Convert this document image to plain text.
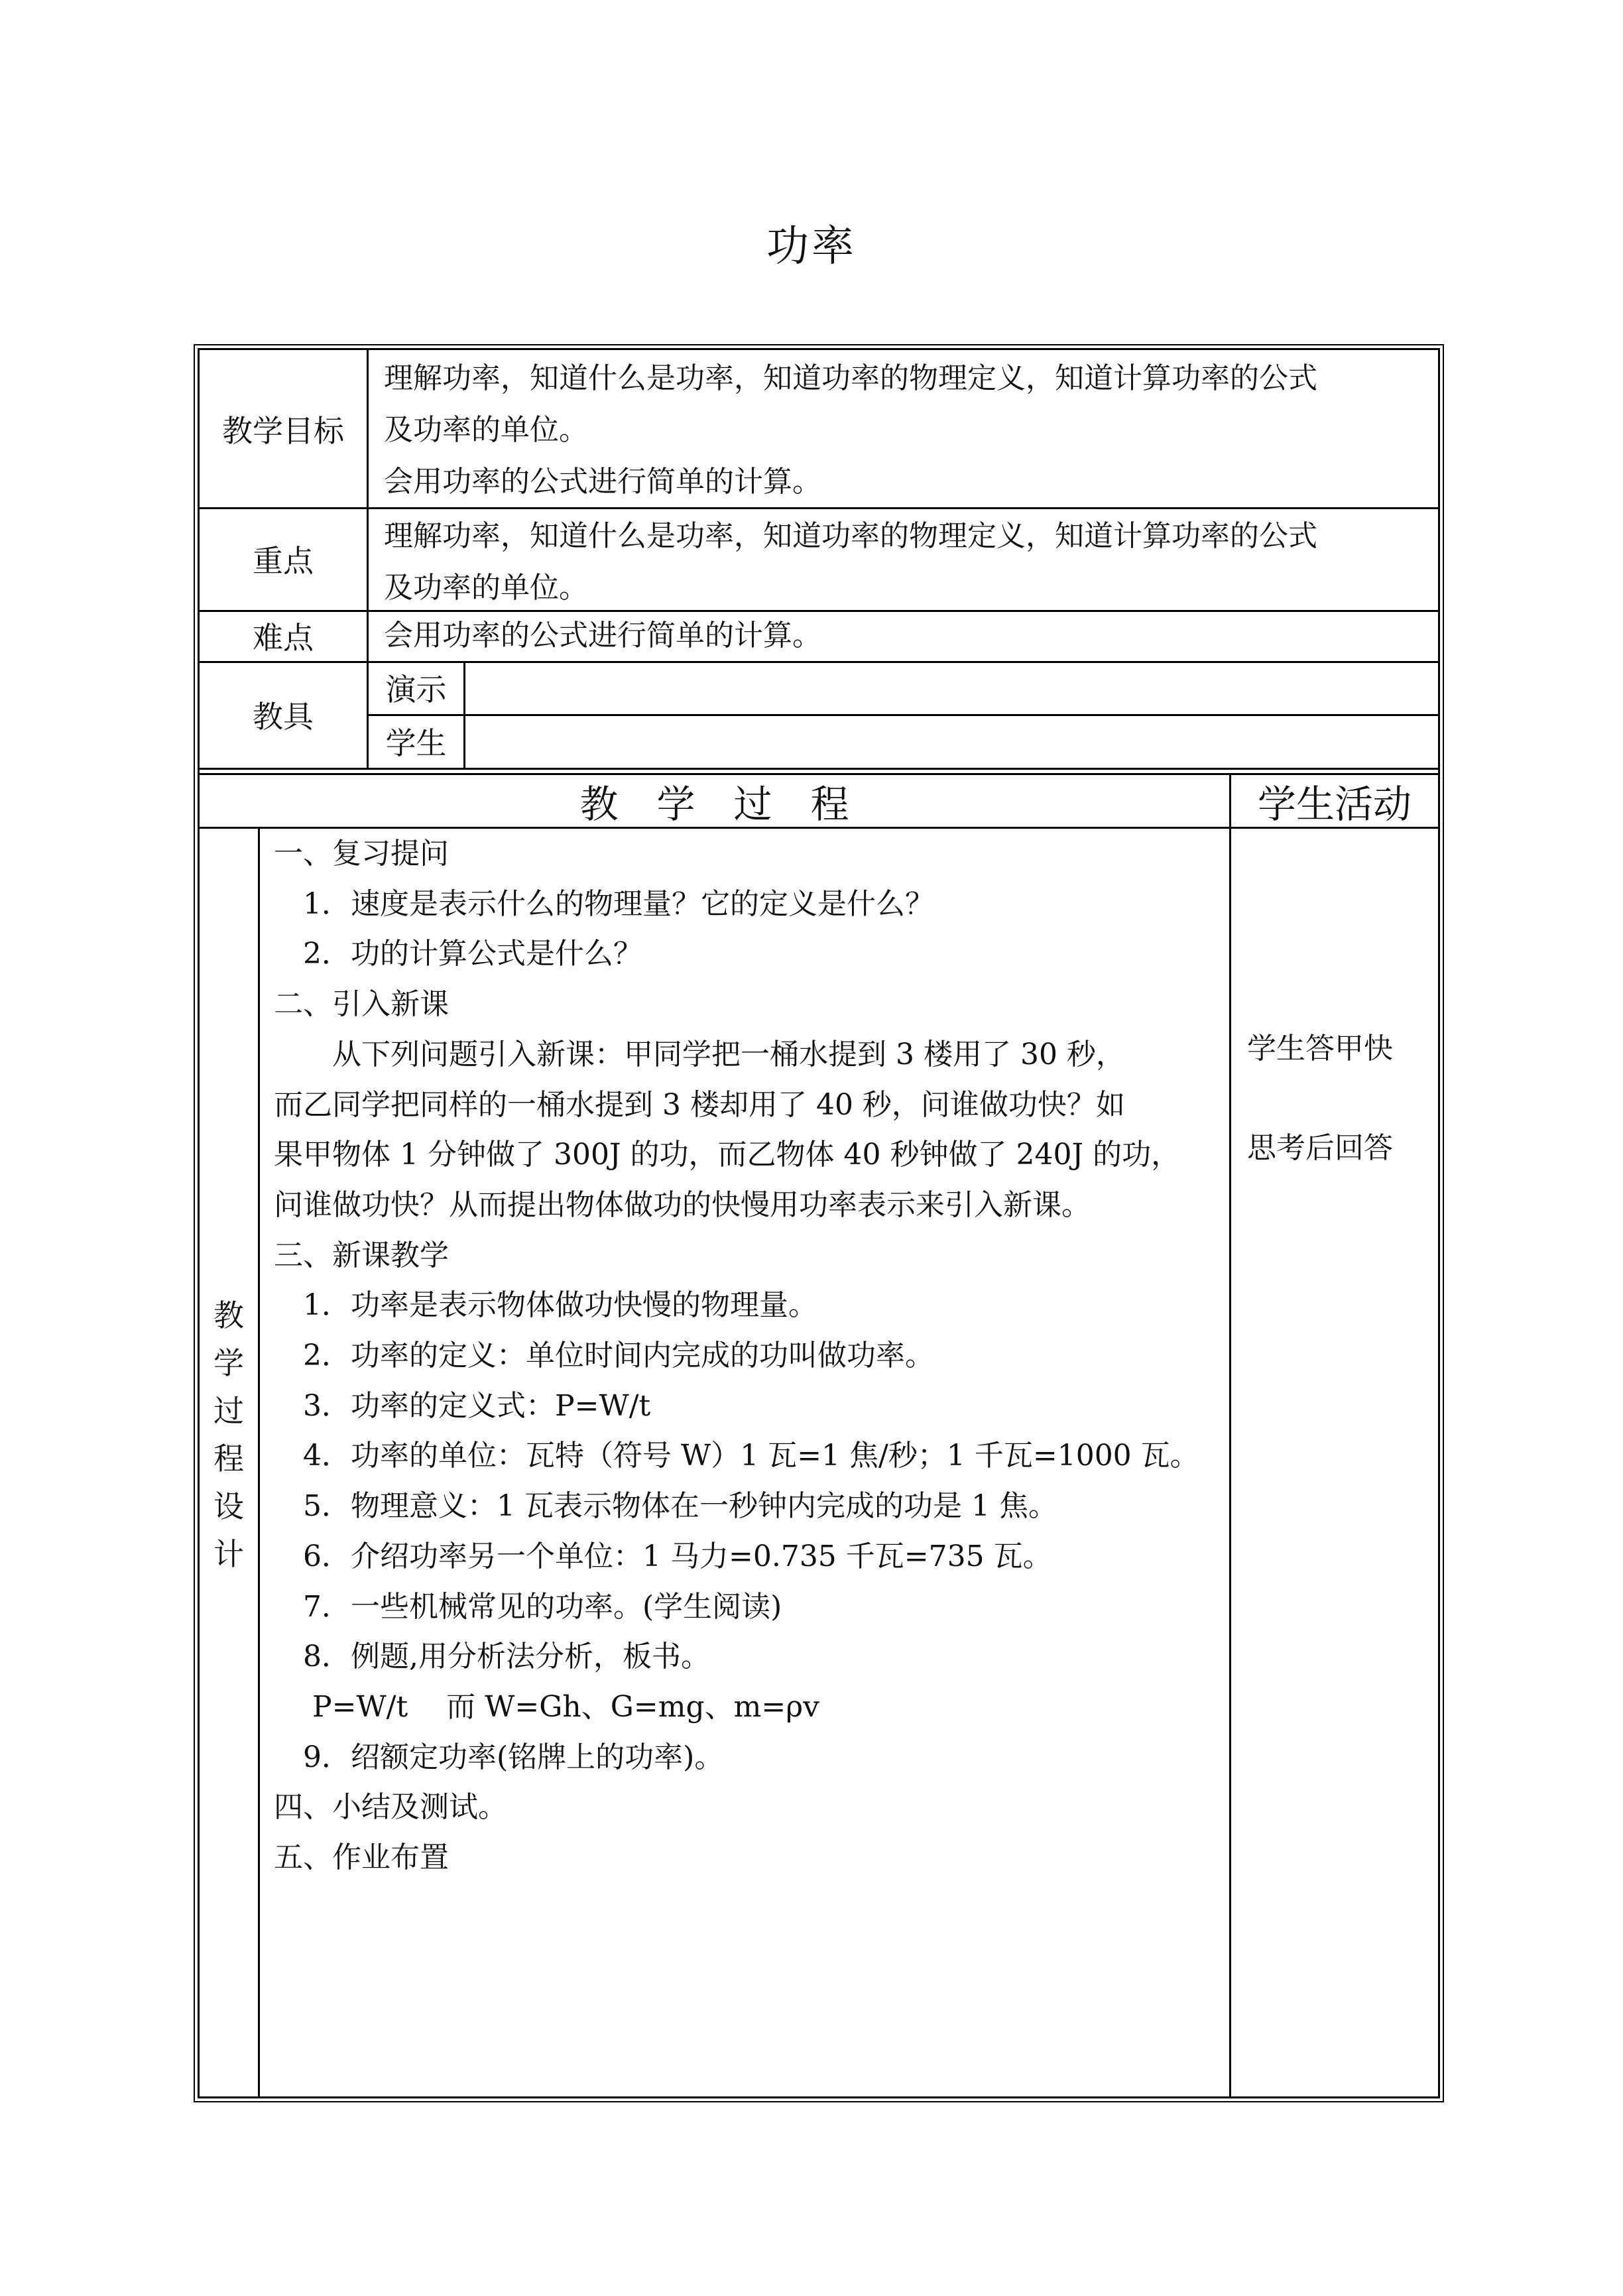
功率
教学目标
理解功率，知道什么是功率，知道功率的物理定义，知道计算功率的公式
及功率的单位。
会用功率的公式进行简单的计算。
重点
理解功率，知道什么是功率，知道功率的物理定义，知道计算功率的公式
及功率的单位。
难点	会用功率的公式进行简单的计算。
教具
演示
学生
教　学　过　程	学生活动
教
学
过
程
设
计
一、复习提问
　1．速度是表示什么的物理量？它的定义是什么？
　2．功的计算公式是什么？
二、引入新课
　　从下列问题引入新课：甲同学把一桶水提到 3 楼用了 30 秒，
而乙同学把同样的一桶水提到 3 楼却用了 40 秒，问谁做功快？如
果甲物体 1 分钟做了 300J 的功，而乙物体 40 秒钟做了 240J 的功，
问谁做功快？从而提出物体做功的快慢用功率表示来引入新课。
三、新课教学
　1．功率是表示物体做功快慢的物理量。
　2．功率的定义：单位时间内完成的功叫做功率。
　3．功率的定义式：P=W/t
　4．功率的单位：瓦特（符号 W）1 瓦=1 焦/秒；1 千瓦=1000 瓦。
　5．物理意义：1 瓦表示物体在一秒钟内完成的功是 1 焦。
　6．介绍功率另一个单位：1 马力=0.735 千瓦=735 瓦。
　7．一些机械常见的功率。(学生阅读)
　8．例题,用分析法分析，板书。
　 P=W/t　 而 W=Gh、G=mg、m=ρv
　9．绍额定功率(铭牌上的功率)。
四、小结及测试。
五、作业布置
学生答甲快
思考后回答
